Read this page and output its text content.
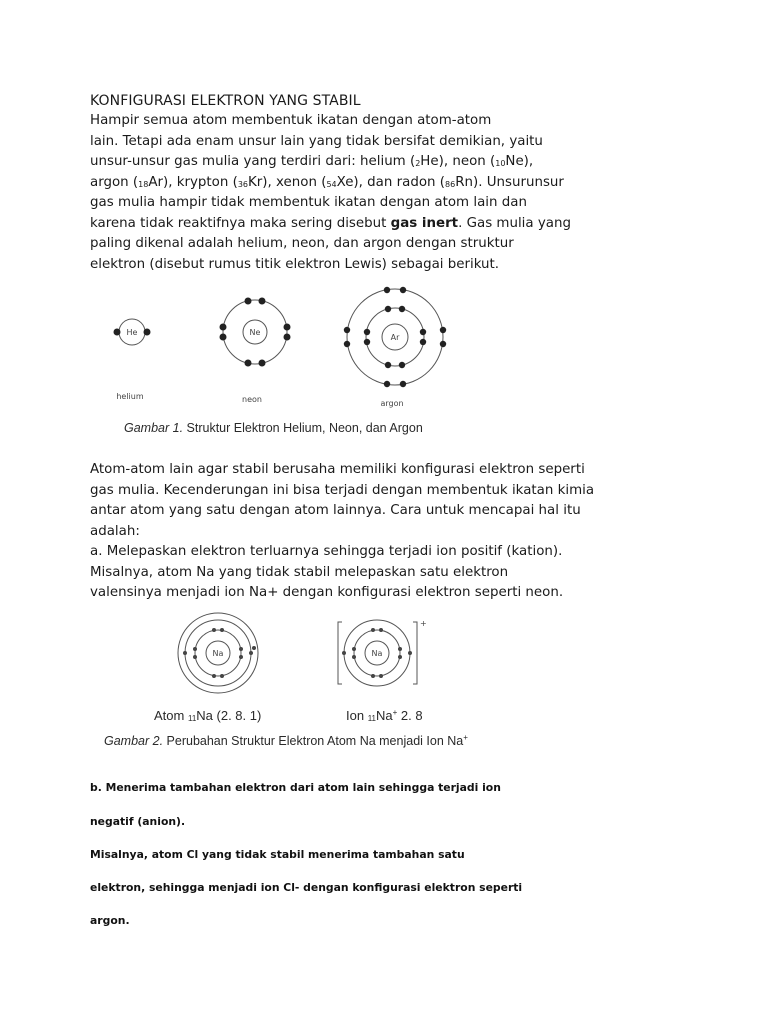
KONFIGURASI ELEKTRON YANG STABIL
Hampir semua atom membentuk ikatan dengan atom-atom
lain. Tetapi ada enam unsur lain yang tidak bersifat demikian, yaitu
unsur-unsur gas mulia yang terdiri dari: helium $(_2He)$, neon $(_{10}Ne)$,
argon $(_{18}Ar)$, krypton $(_{36}Kr)$, xenon $(_{54}Xe)$, dan radon $(_{86}Rn)$. Unsurunsur
gas mulia hampir tidak membentuk ikatan dengan atom lain dan
karena tidak reaktifnya maka sering disebut gas inert. Gas mulia yang
paling dikenal adalah helium, neon, dan argon dengan struktur
elektron (disebut rumus titik elektron Lewis) sebagai berikut.
He	Ne
Ar
helium	neon	argon

Gambar 1. Struktur Elektron Helium, Neon, dan Argon

Atom-atom lain agar stabil berusaha memiliki konfigurasi elektron seperti
gas mulia. Kecenderungan ini bisa terjadi dengan membentuk ikatan kimia
antar atom yang satu dengan atom lainnya. Cara untuk mencapai hal itu
adalah:
a. Melepaskan elektron terluarnya sehingga terjadi ion positif (kation).
Misalnya, atom Na yang tidak stabil melepaskan satu elektron
valensinya menjadi ion Na+ dengan konfigurasi elektron seperti neon.
Na	Na
+

Atom $_{11}$Na (2. 8. 1)	Ion $_{11}$Na+ 2. 8

Gambar 2. Perubahan Struktur Elektron Atom Na menjadi Ion Na+

b. Menerima tambahan elektron dari atom lain sehingga terjadi ion

negatif (anion).

Misalnya, atom Cl yang tidak stabil menerima tambahan satu

elektron, sehingga menjadi ion Cl- dengan konfigurasi elektron seperti

argon.
